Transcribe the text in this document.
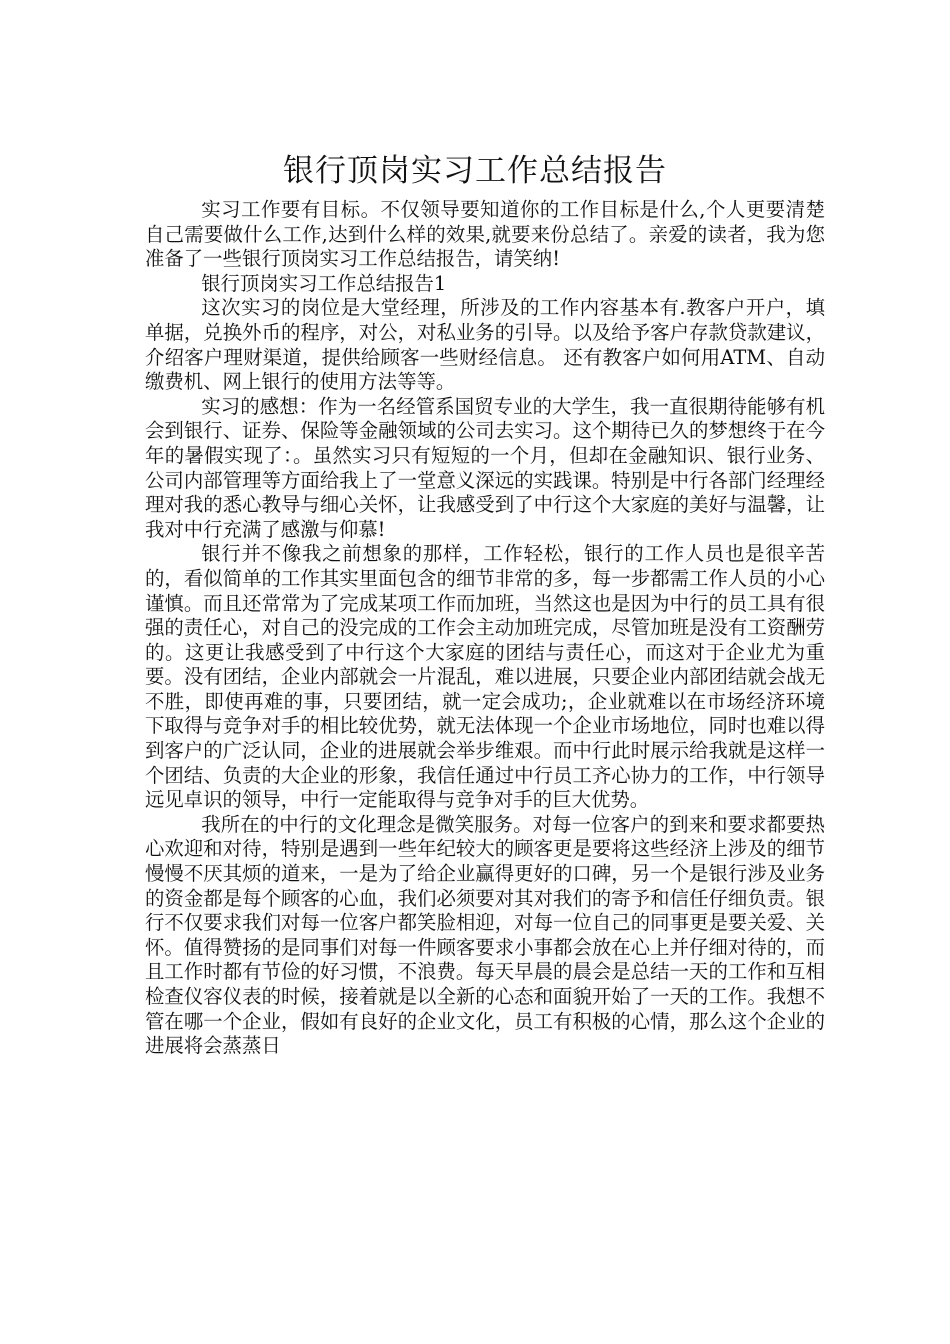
银行顶岗实习工作总结报告

实习工作要有目标。不仅领导要知道你的工作目标是什么,个人更要清楚自己需要做什么工作,达到什么样的效果,就要来份总结了。亲爱的读者，我为您准备了一些银行顶岗实习工作总结报告，请笑纳!

银行顶岗实习工作总结报告1

这次实习的岗位是大堂经理，所涉及的工作内容基本有.教客户开户，填单据，兑换外币的程序，对公，对私业务的引导。以及给予客户存款贷款建议，介绍客户理财渠道，提供给顾客一些财经信息。 还有教客户如何用ATM、自动缴费机、网上银行的使用方法等等。

实习的感想：作为一名经管系国贸专业的大学生，我一直很期待能够有机会到银行、证券、保险等金融领域的公司去实习。这个期待已久的梦想终于在今年的暑假实现了：。虽然实习只有短短的一个月，但却在金融知识、银行业务、公司内部管理等方面给我上了一堂意义深远的实践课。特别是中行各部门经理经理对我的悉心教导与细心关怀，让我感受到了中行这个大家庭的美好与温馨，让我对中行充满了感激与仰慕!

银行并不像我之前想象的那样，工作轻松，银行的工作人员也是很辛苦的，看似简单的工作其实里面包含的细节非常的多，每一步都需工作人员的小心谨慎。而且还常常为了完成某项工作而加班，当然这也是因为中行的员工具有很强的责任心，对自己的没完成的工作会主动加班完成，尽管加班是没有工资酬劳的。这更让我感受到了中行这个大家庭的团结与责任心，而这对于企业尤为重要。没有团结，企业内部就会一片混乱，难以进展，只要企业内部团结就会战无不胜，即使再难的事，只要团结，就一定会成功;，企业就难以在市场经济环境下取得与竞争对手的相比较优势，就无法体现一个企业市场地位，同时也难以得到客户的广泛认同，企业的进展就会举步维艰。而中行此时展示给我就是这样一个团结、负责的大企业的形象，我信任通过中行员工齐心协力的工作，中行领导远见卓识的领导，中行一定能取得与竞争对手的巨大优势。

我所在的中行的文化理念是微笑服务。对每一位客户的到来和要求都要热心欢迎和对待，特别是遇到一些年纪较大的顾客更是要将这些经济上涉及的细节慢慢不厌其烦的道来，一是为了给企业赢得更好的口碑，另一个是银行涉及业务的资金都是每个顾客的心血，我们必须要对其对我们的寄予和信任仔细负责。银行不仅要求我们对每一位客户都笑脸相迎，对每一位自己的同事更是要关爱、关怀。值得赞扬的是同事们对每一件顾客要求小事都会放在心上并仔细对待的，而且工作时都有节俭的好习惯，不浪费。每天早晨的晨会是总结一天的工作和互相检查仪容仪表的时候，接着就是以全新的心态和面貌开始了一天的工作。我想不管在哪一个企业，假如有良好的企业文化，员工有积极的心情，那么这个企业的进展将会蒸蒸日
